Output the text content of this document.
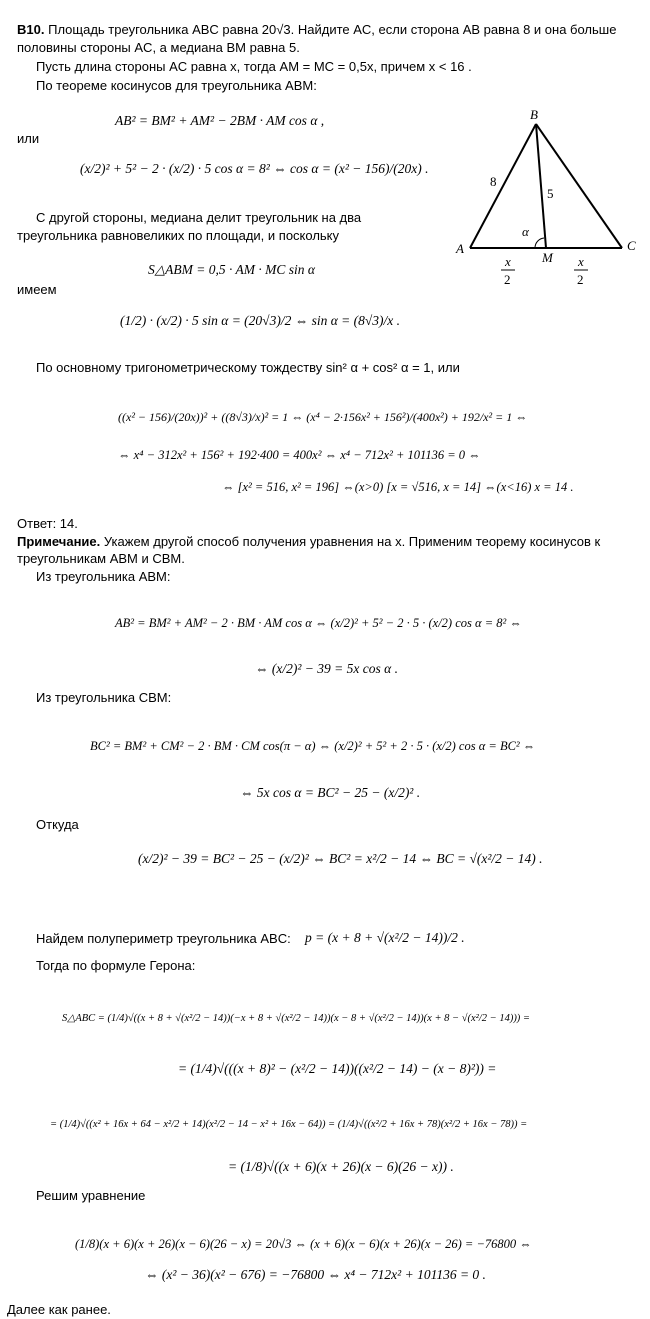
В10. Площадь треугольника ABC равна 20√3. Найдите AC, если сторона AB равна 8 и она больше
половины стороны AC, а медиана BM равна 5.
Пусть длина стороны AC равна x, тогда AM = MC = 0,5x, причем x < 16 .
По теореме косинусов для треугольника ABM:
AB² = BM² + AM² − 2BM · AM cos α ,
или
(x/2)² + 5² − 2 · (x/2) · 5 cos α = 8² ⇔ cos α = (x² − 156)/(20x) .
С другой стороны, медиана делит треугольник на два
треугольника равновеликих по площади, и поскольку
S△ABM = 0,5 · AM · MC sin α
имеем
(1/2) · (x/2) · 5 sin α = (20√3)/2 ⇔ sin α = (8√3)/x .
B
A	C
M
8
5
α
x
2
x
2
По основному тригонометрическому тождеству sin² α + cos² α = 1, или
((x² − 156)/(20x))² + ((8√3)/x)² = 1 ⇔ (x⁴ − 2·156x² + 156²)/(400x²) + 192/x² = 1 ⇔
⇔ x⁴ − 312x² + 156² + 192·400 = 400x² ⇔ x⁴ − 712x² + 101136 = 0 ⇔
⇔ [x² = 516, x² = 196] ⇔(x>0) [x = √516, x = 14] ⇔(x<16) x = 14 .
Ответ: 14.
Примечание. Укажем другой способ получения уравнения на x. Применим теорему косинусов к
треугольникам ABM и CBM.
Из треугольника ABM:
AB² = BM² + AM² − 2 · BM · AM cos α ⇔ (x/2)² + 5² − 2 · 5 · (x/2) cos α = 8² ⇔
⇔ (x/2)² − 39 = 5x cos α .
Из треугольника CBM:
BC² = BM² + CM² − 2 · BM · CM cos(π − α) ⇔ (x/2)² + 5² + 2 · 5 · (x/2) cos α = BC² ⇔
⇔ 5x cos α = BC² − 25 − (x/2)² .
Откуда
(x/2)² − 39 = BC² − 25 − (x/2)² ⇔ BC² = x²/2 − 14 ⇔ BC = √(x²/2 − 14) .
Найдем полупериметр треугольника ABC: p = (x + 8 + √(x²/2 − 14))/2 .
Тогда по формуле Герона:
S△ABC = (1/4)√((x + 8 + √(x²/2 − 14))(−x + 8 + √(x²/2 − 14))(x − 8 + √(x²/2 − 14))(x + 8 − √(x²/2 − 14))) =
= (1/4)√(((x + 8)² − (x²/2 − 14))((x²/2 − 14) − (x − 8)²)) =
= (1/4)√((x² + 16x + 64 − x²/2 + 14)(x²/2 − 14 − x² + 16x − 64)) = (1/4)√((x²/2 + 16x + 78)(x²/2 + 16x − 78)) =
= (1/8)√((x + 6)(x + 26)(x − 6)(26 − x)) .
Решим уравнение
(1/8)(x + 6)(x + 26)(x − 6)(26 − x) = 20√3 ⇔ (x + 6)(x − 6)(x + 26)(x − 26) = −76800 ⇔
⇔ (x² − 36)(x² − 676) = −76800 ⇔ x⁴ − 712x² + 101136 = 0 .
Далее как ранее.
